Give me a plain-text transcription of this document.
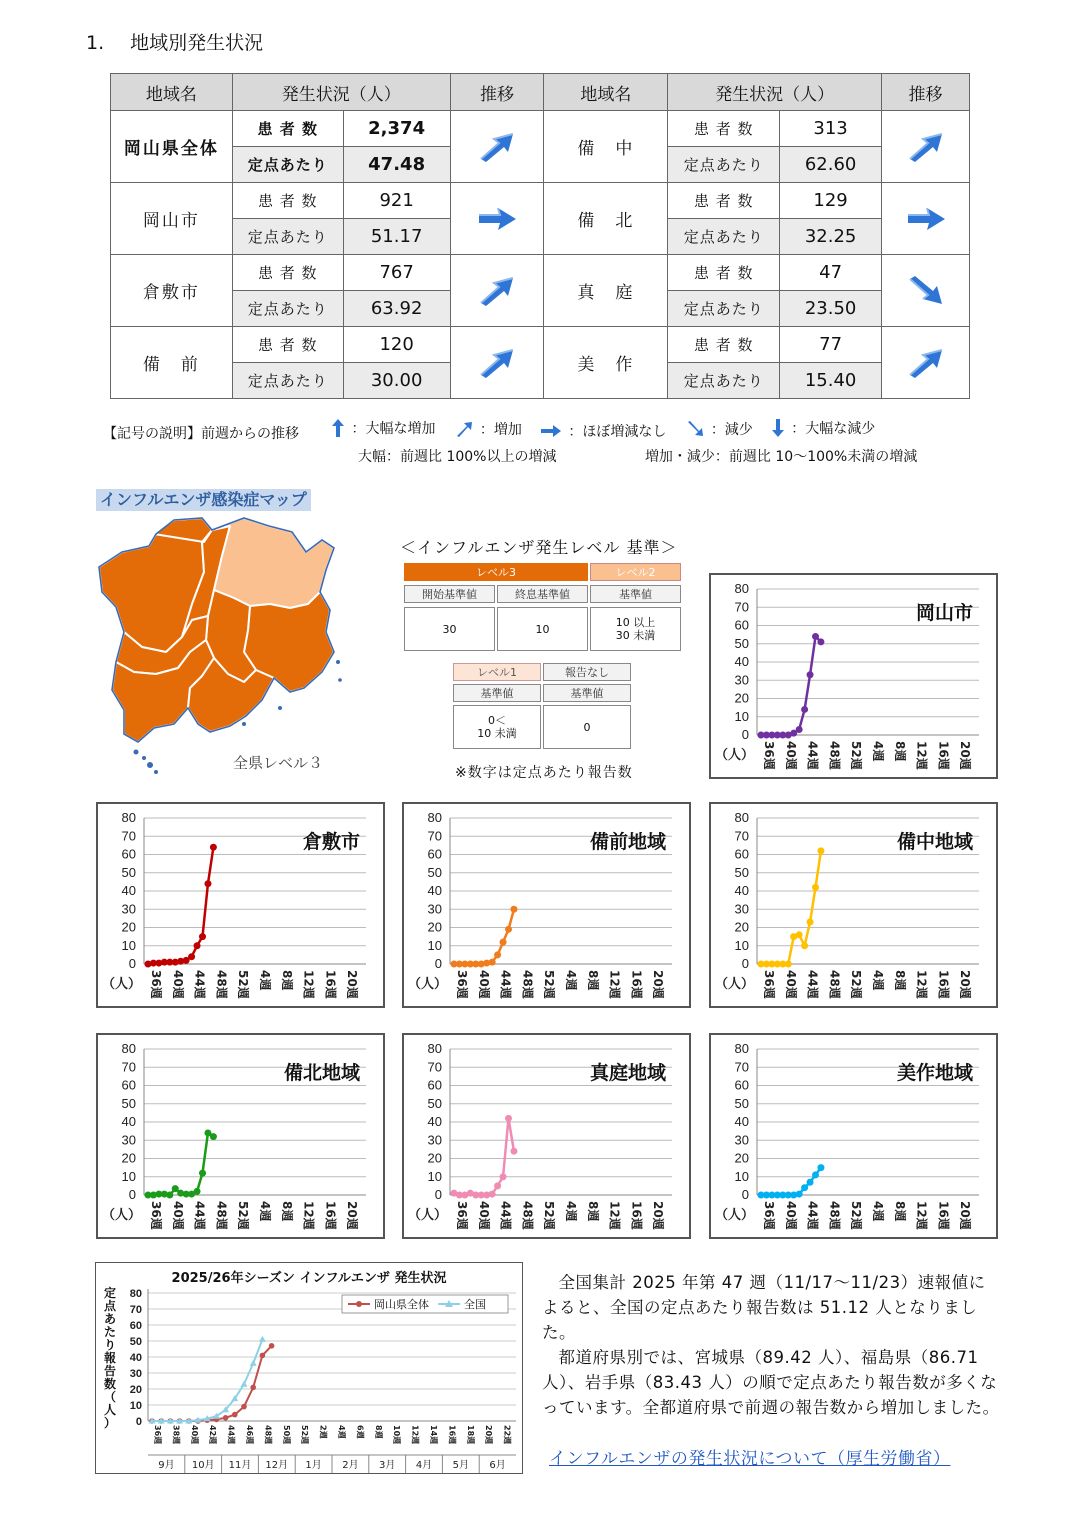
1. 地域別発生状況
地域名	発生状況（人）		推移	地域名	発生状況（人）		推移
岡山県全体	患 者 数	2,374		備　中	患 者 数	313	

	定点あたり	47.48			定点あたり	62.60	
岡山市	患 者 数	921		備　北	患 者 数	129	

	定点あたり	51.17			定点あたり	32.25	
倉敷市	患 者 数	767		真　庭	患 者 数	47	

	定点あたり	63.92			定点あたり	23.50	
備　前	患 者 数	120		美　作	患 者 数	77	

	定点あたり	30.00			定点あたり	15.40	
【記号の説明】前週からの推移	：大幅な増加
	：増加
	：ほぼ増減なし
	：減少
	：大幅な減少
大幅：前週比 100%以上の増減	増加・減少：前週比 10～100%未満の増減
インフルエンザ感染症マップ
全県レベル３
＜インフルエンザ発生レベル 基準＞
レベル3	レベル2
開始基準値	終息基準値	基準値
30	10	10 以上
30 未満
レベル1	報告なし
基準値	基準値
0＜
10 未満	0
※数字は定点あたり報告数
0
10
20
30
40
50
60
70
80
（人） 36週 40週 44週 48週 52週 4週 8週 12週 16週 20週
岡山市
0
10
20
30
40
50
60
70
80
（人） 36週 40週 44週 48週 52週 4週 8週 12週 16週 20週
倉敷市
0
10
20
30
40
50
60
70
80
（人） 36週 40週 44週 48週 52週 4週 8週 12週 16週 20週
備前地域
0
10
20
30
40
50
60
70
80
（人） 36週 40週 44週 48週 52週 4週 8週 12週 16週 20週
備中地域
0
10
20
30
40
50
60
70
80
（人） 36週 40週 44週 48週 52週 4週 8週 12週 16週 20週
備北地域
0
10
20
30
40
50
60
70
80
（人） 36週 40週 44週 48週 52週 4週 8週 12週 16週 20週
真庭地域
0
10
20
30
40
50
60
70
80
（人） 36週 40週 44週 48週 52週 4週 8週 12週 16週 20週
美作地域
2025/26年シーズン インフルエンザ 発生状況
0
10
20
30
40
50
60
70
80
定
点
あ
た
り
報
告
数
（
人
）
36週 38週 40週 42週 44週 46週 48週 50週 52週 2週 4週 6週 8週 10週 12週 14週 16週 18週 20週 22週
9月 10月 11月 12月 1月 2月 3月 4月 5月 6月
岡山県全体	全国

全国集計 2025 年第 47 週（11/17～11/23）速報値によると、全国の定点あたり報告数は 51.12 人となりました。

都道府県別では、宮城県（89.42 人）、福島県（86.71 人）、岩手県（83.43 人）の順で定点あたり報告数が多くなっています。全都道府県で前週の報告数から増加しました。

インフルエンザの発生状況について（厚生労働省）
